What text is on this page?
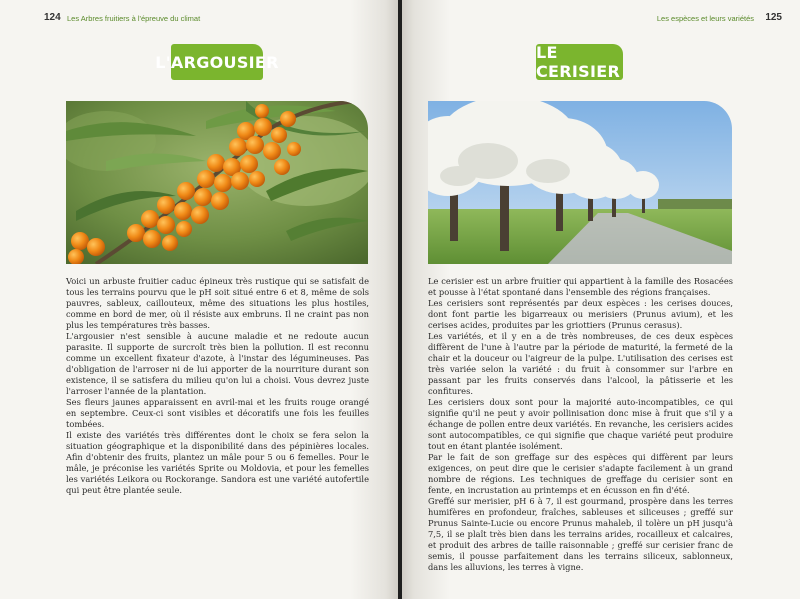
124 Les Arbres fruitiers à l'épreuve du climat
L'ARGOUSIER

Voici un arbuste fruitier caduc épineux très rustique qui se satisfait de tous les terrains pourvu que le pH soit situé entre 6 et 8, même de sols pauvres, sableux, caillouteux, même des situations les plus hostiles, comme en bord de mer, où il résiste aux embruns. Il ne craint pas non plus les températures très basses.

L'argousier n'est sensible à aucune maladie et ne redoute aucun parasite. Il supporte de surcroît très bien la pollution. Il est reconnu comme un excellent fixateur d'azote, à l'instar des légumineuses. Pas d'obligation de l'arroser ni de lui apporter de la nourriture durant son existence, il se satisfera du milieu qu'on lui a choisi. Vous devrez juste l'arroser l'année de la plantation.

Ses fleurs jaunes apparaissent en avril-mai et les fruits rouge orangé en septembre. Ceux-ci sont visibles et décoratifs une fois les feuilles tombées.

Il existe des variétés très différentes dont le choix se fera selon la situation géographique et la disponibilité dans des pépinières locales. Afin d'obtenir des fruits, plantez un mâle pour 5 ou 6 femelles. Pour le mâle, je préconise les variétés Sprite ou Moldovia, et pour les femelles les variétés Leikora ou Rockorange. Sandora est une variété autofertile qui peut être plantée seule.

Les espèces et leurs variétés 125
LE CERISIER

Le cerisier est un arbre fruitier qui appartient à la famille des Rosacées et pousse à l'état spontané dans l'ensemble des régions françaises.

Les cerisiers sont représentés par deux espèces : les cerises douces, dont font partie les bigarreaux ou merisiers (Prunus avium), et les cerises acides, produites par les griottiers (Prunus cerasus).

Les variétés, et il y en a de très nombreuses, de ces deux espèces diffèrent de l'une à l'autre par la période de maturité, la fermeté de la chair et la douceur ou l'aigreur de la pulpe. L'utilisation des cerises est très variée selon la variété : du fruit à consommer sur l'arbre en passant par les fruits conservés dans l'alcool, la pâtisserie et les confitures.

Les cerisiers doux sont pour la majorité auto-incompatibles, ce qui signifie qu'il ne peut y avoir pollinisation donc mise à fruit que s'il y a échange de pollen entre deux variétés. En revanche, les cerisiers acides sont autocompatibles, ce qui signifie que chaque variété peut produire tout en étant plantée isolément.

Par le fait de son greffage sur des espèces qui diffèrent par leurs exigences, on peut dire que le cerisier s'adapte facilement à un grand nombre de régions. Les techniques de greffage du cerisier sont en fente, en incrustation au printemps et en écusson en fin d'été.

Greffé sur merisier, pH 6 à 7, il est gourmand, prospère dans les terres humifères en profondeur, fraîches, sableuses et siliceuses ; greffé sur Prunus Sainte-Lucie ou encore Prunus mahaleb, il tolère un pH jusqu'à 7,5, il se plaît très bien dans les terrains arides, rocailleux et calcaires, et produit des arbres de taille raisonnable ; greffé sur cerisier franc de semis, il pousse parfaitement dans les terrains siliceux, sablonneux, dans les alluvions, les terres à vigne.
